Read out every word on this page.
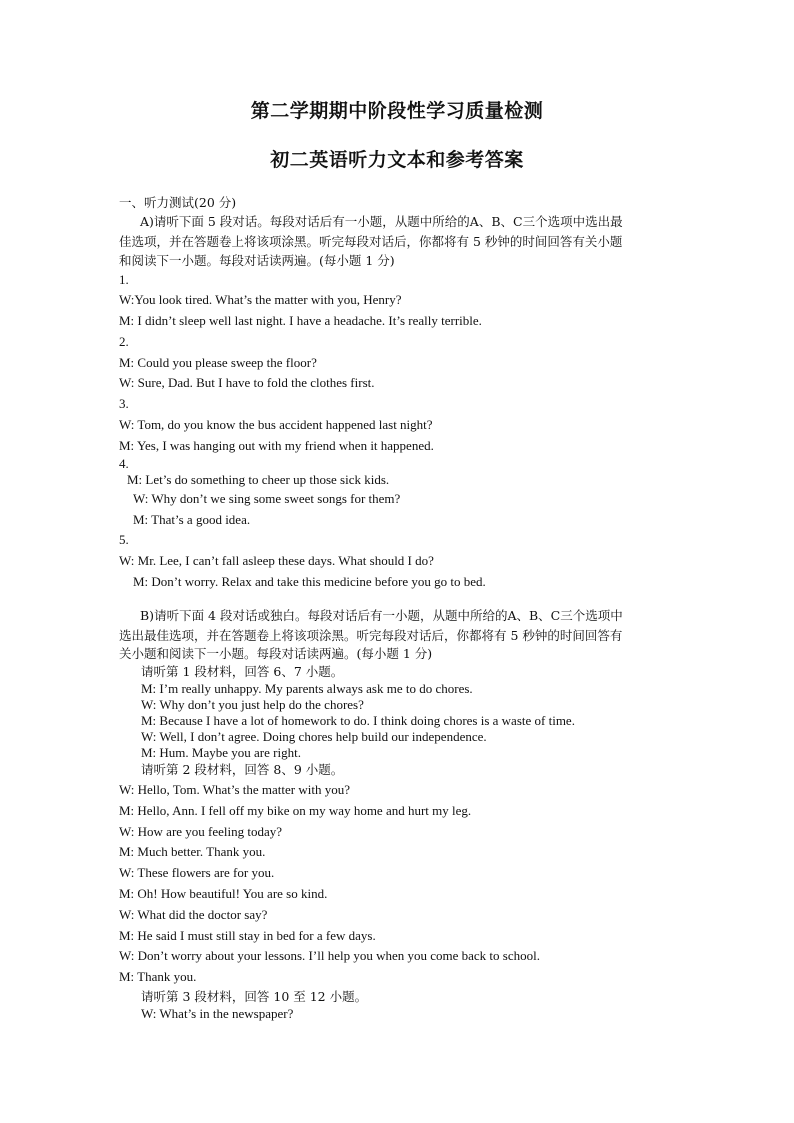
第二学期期中阶段性学习质量检测
初二英语听力文本和参考答案
一、听力测试(20 分)
A)请听下面 5 段对话。每段对话后有一小题，从题中所给的A、B、C三个选项中选出最
佳选项，并在答题卷上将该项涂黑。听完每段对话后，你都将有 5 秒钟的时间回答有关小题
和阅读下一小题。每段对话读两遍。(每小题 1 分)
1.
W:You look tired. What’s the matter with you, Henry?
M: I didn’t sleep well last night. I have a headache. It’s really terrible.
2.
M: Could you please sweep the floor?
W: Sure, Dad. But I have to fold the clothes first.
3.
W: Tom, do you know the bus accident happened last night?
M: Yes, I was hanging out with my friend when it happened.
4.
M: Let’s do something to cheer up those sick kids.
W: Why don’t we sing some sweet songs for them?
M: That’s a good idea.
5.
W: Mr. Lee, I can’t fall asleep these days. What should I do?
M: Don’t worry. Relax and take this medicine before you go to bed.
B)请听下面 4 段对话或独白。每段对话后有一小题，从题中所给的A、B、C三个选项中
选出最佳选项，并在答题卷上将该项涂黑。听完每段对话后，你都将有 5 秒钟的时间回答有
关小题和阅读下一小题。每段对话读两遍。(每小题 1 分)
请听第 1 段材料，回答 6、7 小题。
M: I’m really unhappy. My parents always ask me to do chores.
W: Why don’t you just help do the chores?
M: Because I have a lot of homework to do. I think doing chores is a waste of time.
W: Well, I don’t agree. Doing chores help build our independence.
M: Hum. Maybe you are right.
请听第 2 段材料，回答 8、9 小题。
W: Hello, Tom. What’s the matter with you?
M: Hello, Ann. I fell off my bike on my way home and hurt my leg.
W: How are you feeling today?
M: Much better. Thank you.
W: These flowers are for you.
M: Oh! How beautiful! You are so kind.
W: What did the doctor say?
M: He said I must still stay in bed for a few days.
W: Don’t worry about your lessons. I’ll help you when you come back to school.
M: Thank you.
请听第 3 段材料，回答 10 至 12 小题。
W: What’s in the newspaper?
